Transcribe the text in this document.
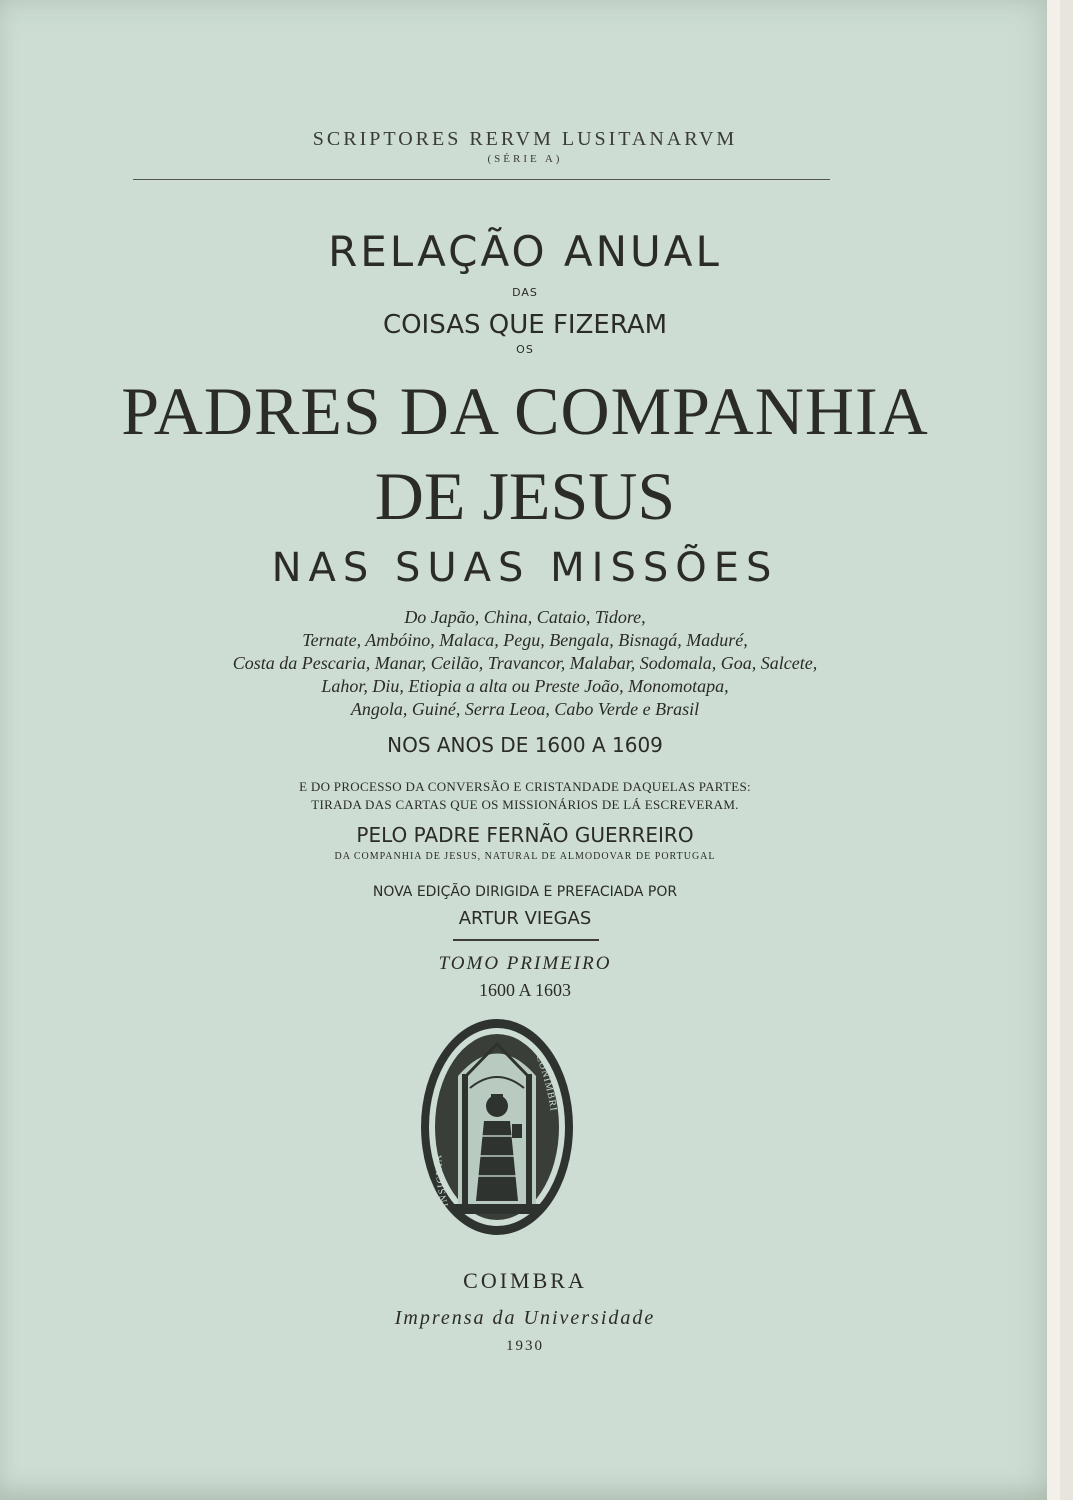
SCRIPTORES RERVM LUSITANARVM
(SÉRIE A)
RELAÇÃO ANUAL
DAS
COISAS QUE FIZERAM
OS
PADRES DA COMPANHIA
DE JESUS
NAS SUAS MISSÕES
Do Japão, China, Cataio, Tidore,
Ternate, Ambóino, Malaca, Pegu, Bengala, Bisnagá, Maduré,
Costa da Pescaria, Manar, Ceilão, Travancor, Malabar, Sodomala, Goa, Salcete,
Lahor, Diu, Etiopia a alta ou Preste João, Monomotapa,
Angola, Guiné, Serra Leoa, Cabo Verde e Brasil
NOS ANOS DE 1600 A 1609
E DO PROCESSO DA CONVERSÃO E CRISTANDADE DAQUELAS PARTES:
TIRADA DAS CARTAS QUE OS MISSIONÁRIOS DE LÁ ESCREVERAM.
PELO PADRE FERNÃO GUERREIRO
DA COMPANHIA DE JESUS, NATURAL DE ALMODOVAR DE PORTUGAL
NOVA EDIÇÃO DIRIGIDA E PREFACIADA POR
ARTUR VIEGAS
TOMO PRIMEIRO
1600 A 1603
INSIGNIA
CONIMBRI
COIMBRA
Imprensa da Universidade
1930
